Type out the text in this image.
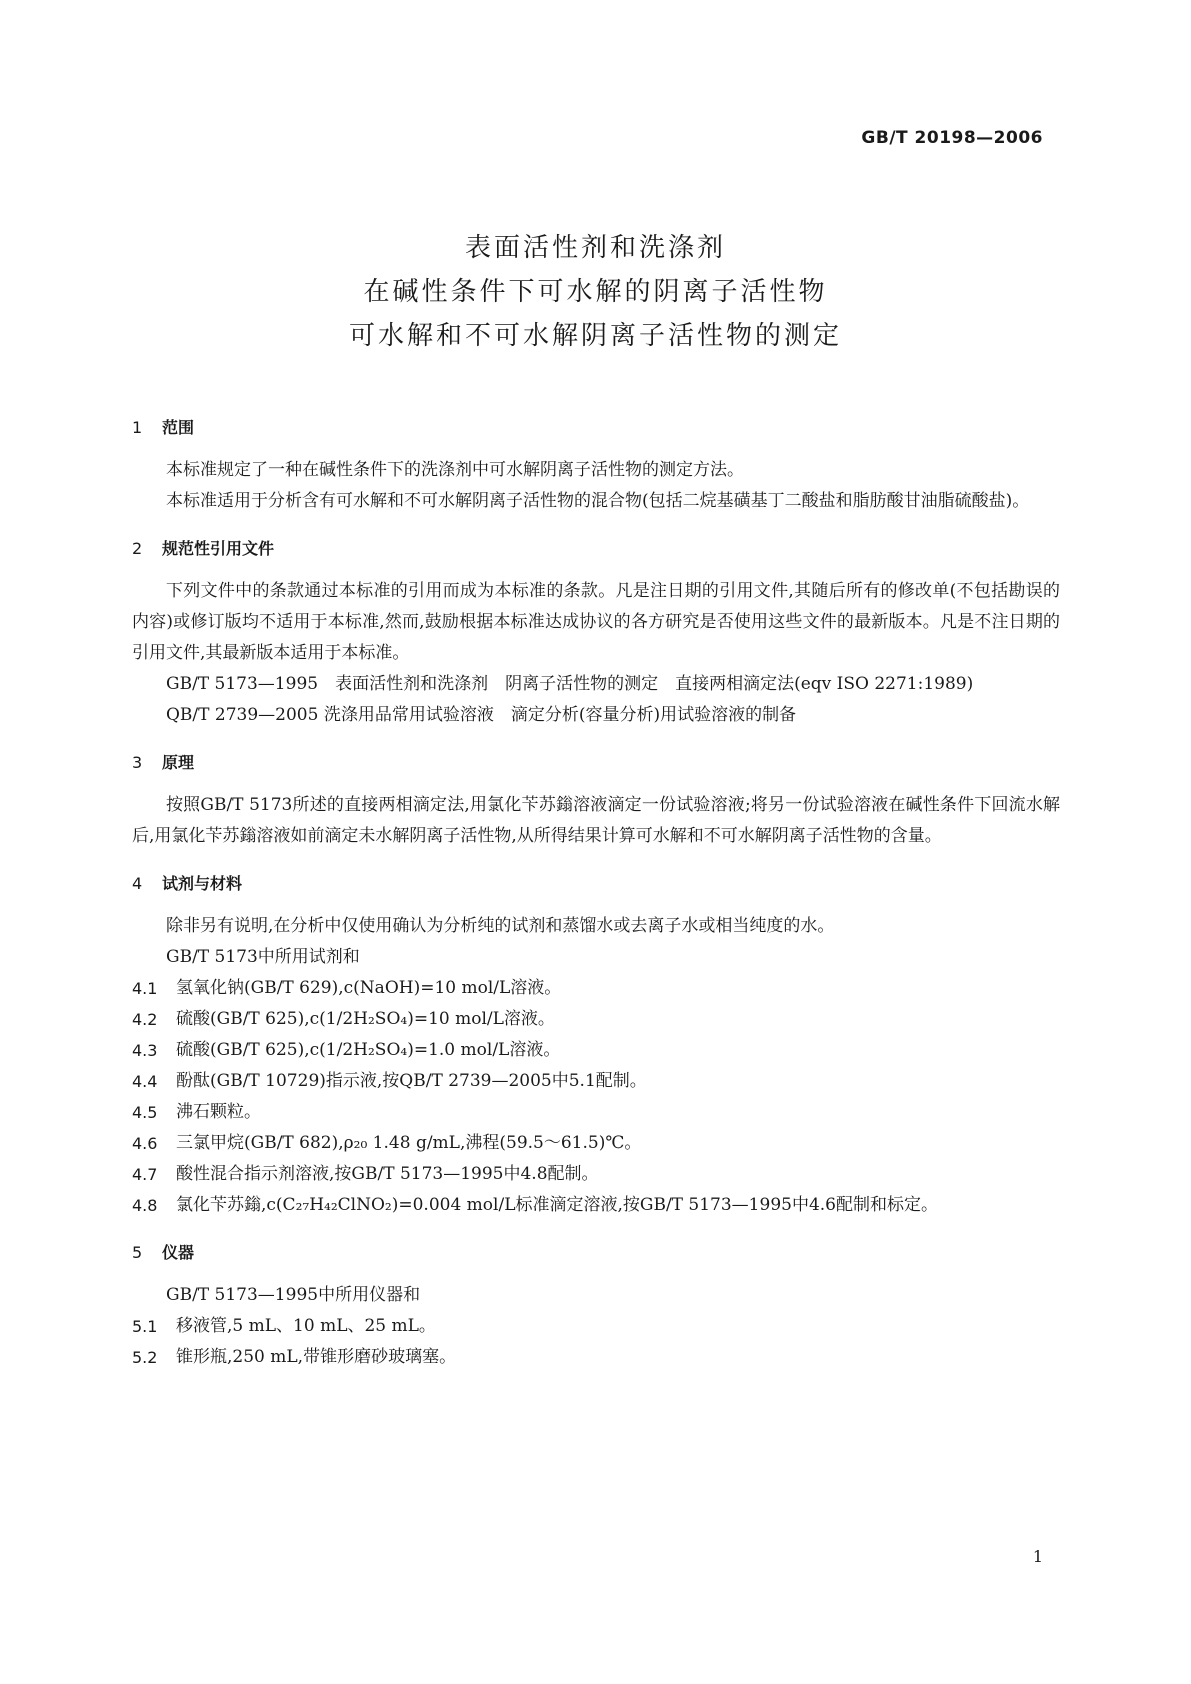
GB/T 20198—2006
表面活性剂和洗涤剂
在碱性条件下可水解的阴离子活性物
可水解和不可水解阴离子活性物的测定
1 范围
本标准规定了一种在碱性条件下的洗涤剂中可水解阴离子活性物的测定方法。
本标准适用于分析含有可水解和不可水解阴离子活性物的混合物(包括二烷基磺基丁二酸盐和脂肪酸甘油脂硫酸盐)。
2 规范性引用文件
下列文件中的条款通过本标准的引用而成为本标准的条款。凡是注日期的引用文件,其随后所有的修改单(不包括勘误的内容)或修订版均不适用于本标准,然而,鼓励根据本标准达成协议的各方研究是否使用这些文件的最新版本。凡是不注日期的引用文件,其最新版本适用于本标准。
GB/T 5173—1995　表面活性剂和洗涤剂　阴离子活性物的测定　直接两相滴定法(eqv ISO 2271:1989)
QB/T 2739—2005 洗涤用品常用试验溶液　滴定分析(容量分析)用试验溶液的制备
3 原理
按照GB/T 5173所述的直接两相滴定法,用氯化苄苏鎓溶液滴定一份试验溶液;将另一份试验溶液在碱性条件下回流水解后,用氯化苄苏鎓溶液如前滴定未水解阴离子活性物,从所得结果计算可水解和不可水解阴离子活性物的含量。
4 试剂与材料
除非另有说明,在分析中仅使用确认为分析纯的试剂和蒸馏水或去离子水或相当纯度的水。
GB/T 5173中所用试剂和
4.1	氢氧化钠(GB/T 629),c(NaOH)=10 mol/L溶液。
4.2	硫酸(GB/T 625),c(1/2H₂SO₄)=10 mol/L溶液。
4.3	硫酸(GB/T 625),c(1/2H₂SO₄)=1.0 mol/L溶液。
4.4	酚酞(GB/T 10729)指示液,按QB/T 2739—2005中5.1配制。
4.5	沸石颗粒。
4.6	三氯甲烷(GB/T 682),ρ₂₀ 1.48 g/mL,沸程(59.5～61.5)℃。
4.7	酸性混合指示剂溶液,按GB/T 5173—1995中4.8配制。
4.8	氯化苄苏鎓,c(C₂₇H₄₂ClNO₂)=0.004 mol/L标准滴定溶液,按GB/T 5173—1995中4.6配制和标定。
5 仪器
GB/T 5173—1995中所用仪器和
5.1	移液管,5 mL、10 mL、25 mL。
5.2	锥形瓶,250 mL,带锥形磨砂玻璃塞。
1
